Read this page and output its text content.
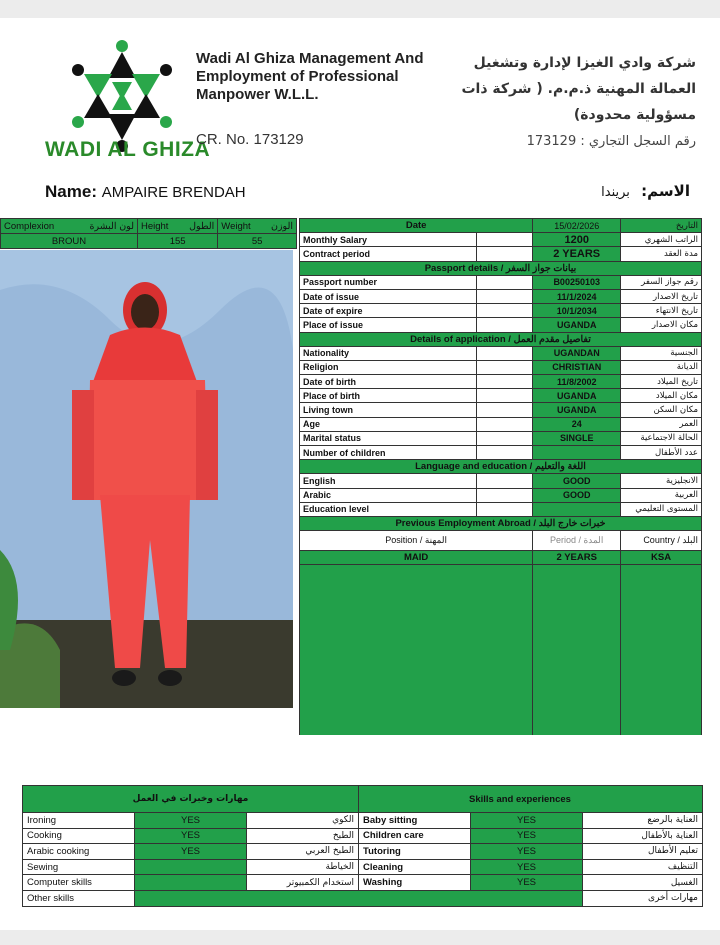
WADI AL GHIZA
Wadi Al Ghiza Management And Employment of Professional Manpower W.L.L.
CR. No. 173129
شركة وادي الغيزا لإدارة وتشغيل العمالة المهنية ذ.م.م. ( شركة ذات مسؤولية محدودة)
رقم السجل التجاري : 173129
Name: AMPAIRE BRENDAH	الاسم: بريندا
Complexion لون البشرة	Height الطول	Weight الوزن

BROUN	155	55
Date		15/02/2026	التاريخ
Monthly Salary		1200	الراتب الشهري
Contract period		2 YEARS	مدة العقد
Passport details / بيانات جواز السفر			
Passport number		B00250103	رقم جواز السفر
Date of issue		11/1/2024	تاريخ الاصدار
Date of expire		10/1/2034	تاريخ الانتهاء
Place of issue		UGANDA	مكان الاصدار
Details of application / تفاصيل مقدم العمل			
Nationality		UGANDAN	الجنسية
Religion		CHRISTIAN	الديانة
Date of birth		11/8/2002	تاريخ الميلاد
Place of birth		UGANDA	مكان الميلاد
Living town		UGANDA	مكان السكن
Age		24	العمر
Marital status		SINGLE	الحالة الاجتماعية
Number of children			عدد الأطفال
Language and education / اللغة والتعليم			
English		GOOD	الانجليزية
Arabic		GOOD	العربية
Education level			المستوى التعليمي
Previous Employment Abroad / خبرات خارج البلد			
Position / المهنة		Period / المدة	Country / البلد
MAID		2 YEARS	KSA

مهارات وخبرات في العمل			Skills and experiences		
Ironing	YES	الكوي	Baby sitting	YES	العناية بالرضع
Cooking	YES	الطبخ	Children care	YES	العناية بالأطفال
Arabic cooking	YES	الطبخ العربي	Tutoring	YES	تعليم الأطفال
Sewing		الخياطة	Cleaning	YES	التنظيف
Computer skills		استخدام الكمبيوتر	Washing	YES	الغسيل
Other skills					مهارات أخرى
